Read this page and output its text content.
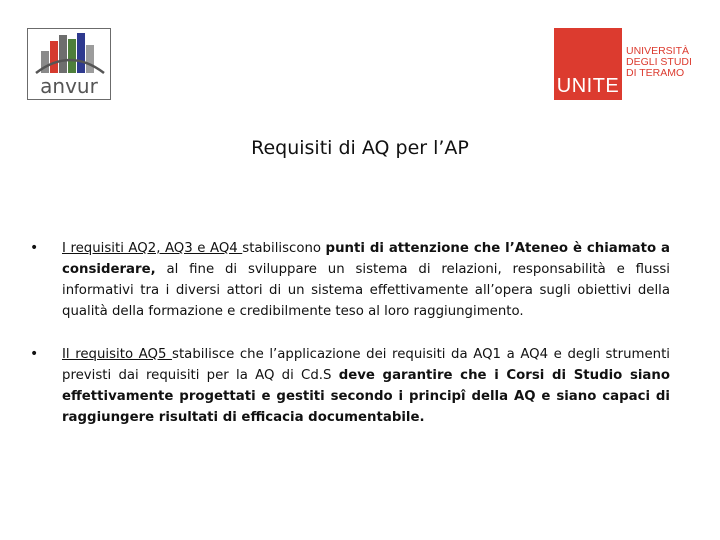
anvur	UNITE
UNIVERSITÀ
DEGLI STUDI
DI TERAMO
Requisiti di AQ per l’AP
• I requisiti AQ2, AQ3 e AQ4 stabiliscono punti di attenzione che l’Ateneo è chiamato a considerare, al fine di sviluppare un sistema di relazioni, responsabilità e flussi informativi tra i diversi attori di un sistema effettivamente all’opera sugli obiettivi della qualità della formazione e credibilmente teso al loro raggiungimento.
• Il requisito AQ5 stabilisce che l’applicazione dei requisiti da AQ1 a AQ4 e degli strumenti previsti dai requisiti per la AQ di Cd.S deve garantire che i Corsi di Studio siano effettivamente progettati e gestiti secondo i principî della AQ e siano capaci di raggiungere risultati di efficacia documentabile.
